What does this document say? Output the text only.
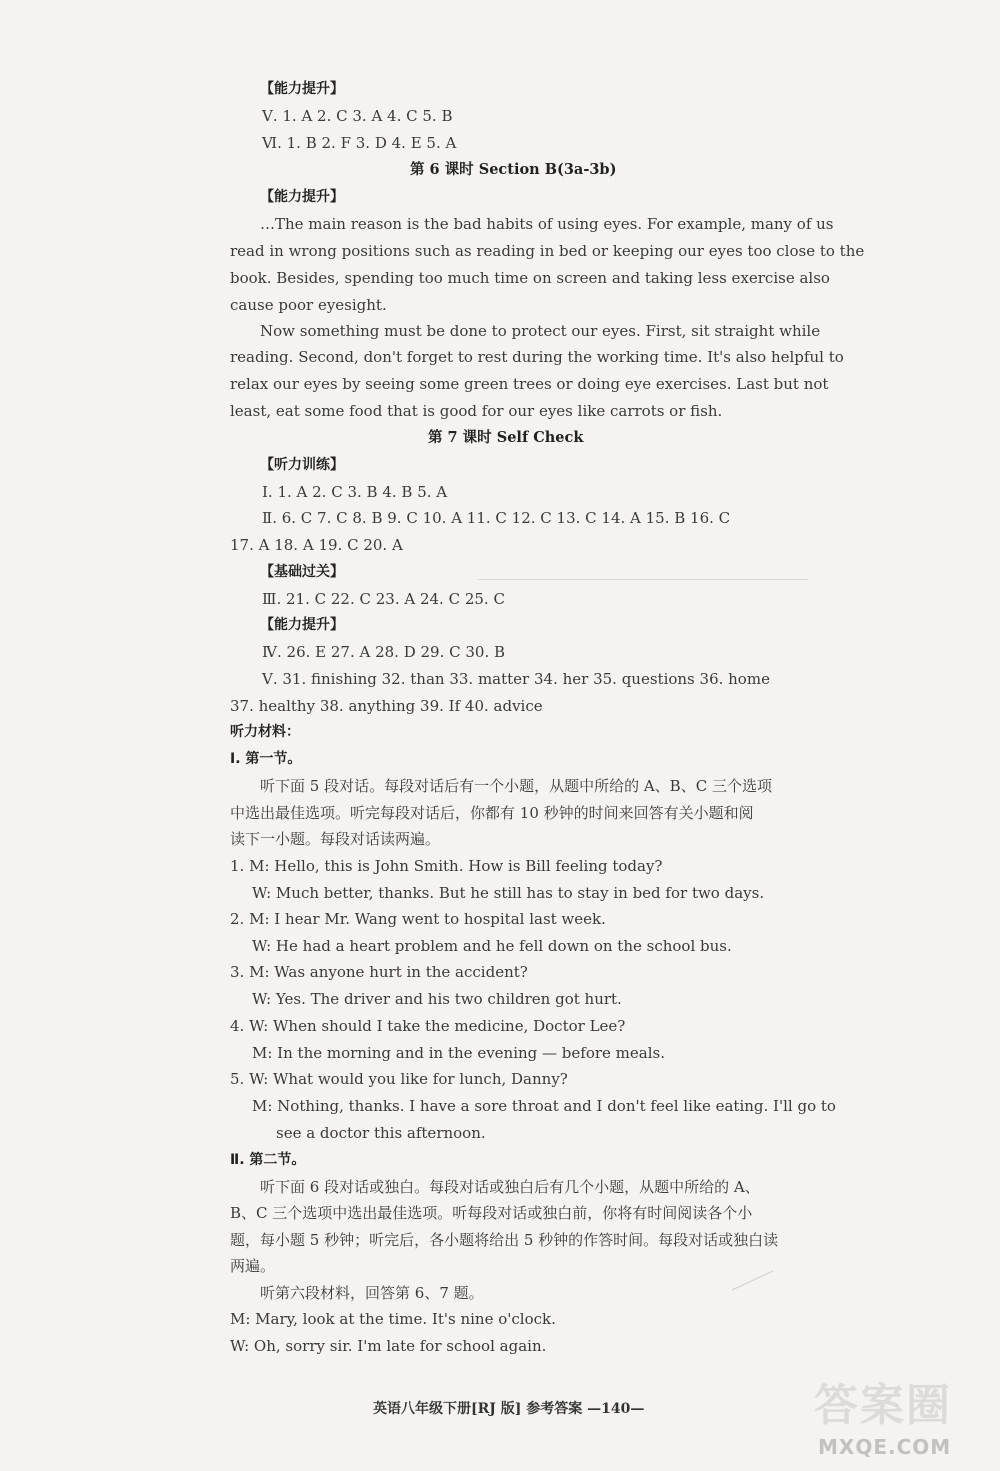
【能力提升】
Ⅴ. 1. A 2. C 3. A 4. C 5. B
Ⅵ. 1. B 2. F 3. D 4. E 5. A
第 6 课时 Section B(3a-3b)
【能力提升】
…The main reason is the bad habits of using eyes. For example, many of us
read in wrong positions such as reading in bed or keeping our eyes too close to the
book. Besides, spending too much time on screen and taking less exercise also
cause poor eyesight.
Now something must be done to protect our eyes. First, sit straight while
reading. Second, don't forget to rest during the working time. It's also helpful to
relax our eyes by seeing some green trees or doing eye exercises. Last but not
least, eat some food that is good for our eyes like carrots or fish.
第 7 课时 Self Check
【听力训练】
Ⅰ. 1. A 2. C 3. B 4. B 5. A
Ⅱ. 6. C 7. C 8. B 9. C 10. A 11. C 12. C 13. C 14. A 15. B 16. C
17. A 18. A 19. C 20. A
【基础过关】
Ⅲ. 21. C 22. C 23. A 24. C 25. C
【能力提升】
Ⅳ. 26. E 27. A 28. D 29. C 30. B
Ⅴ. 31. finishing 32. than 33. matter 34. her 35. questions 36. home
37. healthy 38. anything 39. If 40. advice
听力材料：
Ⅰ. 第一节。
听下面 5 段对话。每段对话后有一个小题，从题中所给的 A、B、C 三个选项
中选出最佳选项。听完每段对话后，你都有 10 秒钟的时间来回答有关小题和阅
读下一小题。每段对话读两遍。
1. M: Hello, this is John Smith. How is Bill feeling today?
W: Much better, thanks. But he still has to stay in bed for two days.
2. M: I hear Mr. Wang went to hospital last week.
W: He had a heart problem and he fell down on the school bus.
3. M: Was anyone hurt in the accident?
W: Yes. The driver and his two children got hurt.
4. W: When should I take the medicine, Doctor Lee?
M: In the morning and in the evening — before meals.
5. W: What would you like for lunch, Danny?
M: Nothing, thanks. I have a sore throat and I don't feel like eating. I'll go to
see a doctor this afternoon.
Ⅱ. 第二节。
听下面 6 段对话或独白。每段对话或独白后有几个小题，从题中所给的 A、
B、C 三个选项中选出最佳选项。听每段对话或独白前，你将有时间阅读各个小
题，每小题 5 秒钟；听完后，各小题将给出 5 秒钟的作答时间。每段对话或独白读
两遍。
听第六段材料，回答第 6、7 题。
M: Mary, look at the time. It's nine o'clock.
W: Oh, sorry sir. I'm late for school again.
英语八年级下册[RJ 版] 参考答案 —140—	答案圈
MXQE.COM
